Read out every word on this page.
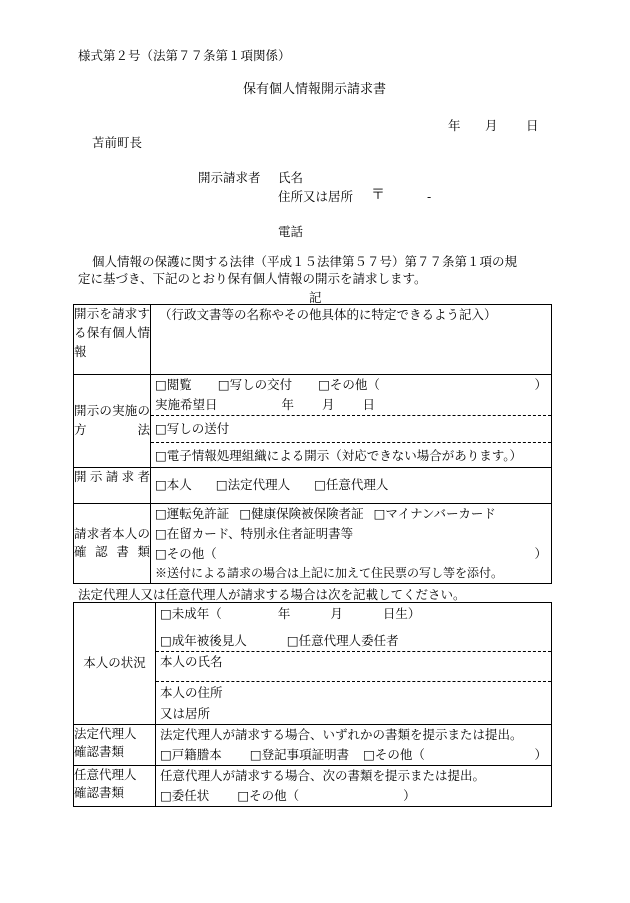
様式第２号（法第７７条第１項関係）
保有個人情報開示請求書
年 月 日
苫前町長
開示請求者 氏名
住所又は居所 〒	-
電話
個人情報の保護に関する法律（平成１５法律第５７号）第７７条第１項の規
定に基づき、下記のとおり保有個人情報の開示を請求します。
記
開示を請求する保有個人情報	（行政文書等の名称やその他具体的に特定できるよう記入）

開示の実施の方法	□閲覧 □写しの交付 □その他（ ）
実施希望日 年 月 日
□写しの送付
□電子情報処理組織による開示（対応できない場合があります。）

開示請求者	□本人 □法定代理人 □任意代理人

請求者本人の確認書類	□運転免許証 □健康保険被保険者証 □マイナンバーカード
□在留カード、特別永住者証明書等
□その他（ ）
※送付による請求の場合は上記に加えて住民票の写し等を添付。
法定代理人又は任意代理人が請求する場合は次を記載してください。
本人の状況	□未成年（ 年 月 日生）
□成年被後見人 □任意代理人委任者
本人の氏名
本人の住所
又は居所

法定代理人
確認書類	法定代理人が請求する場合、いずれかの書類を提示または提出。
□戸籍謄本 □登記事項証明書 □その他（ ）

任意代理人
確認書類	任意代理人が請求する場合、次の書類を提示または提出。
□委任状 □その他（ ）
